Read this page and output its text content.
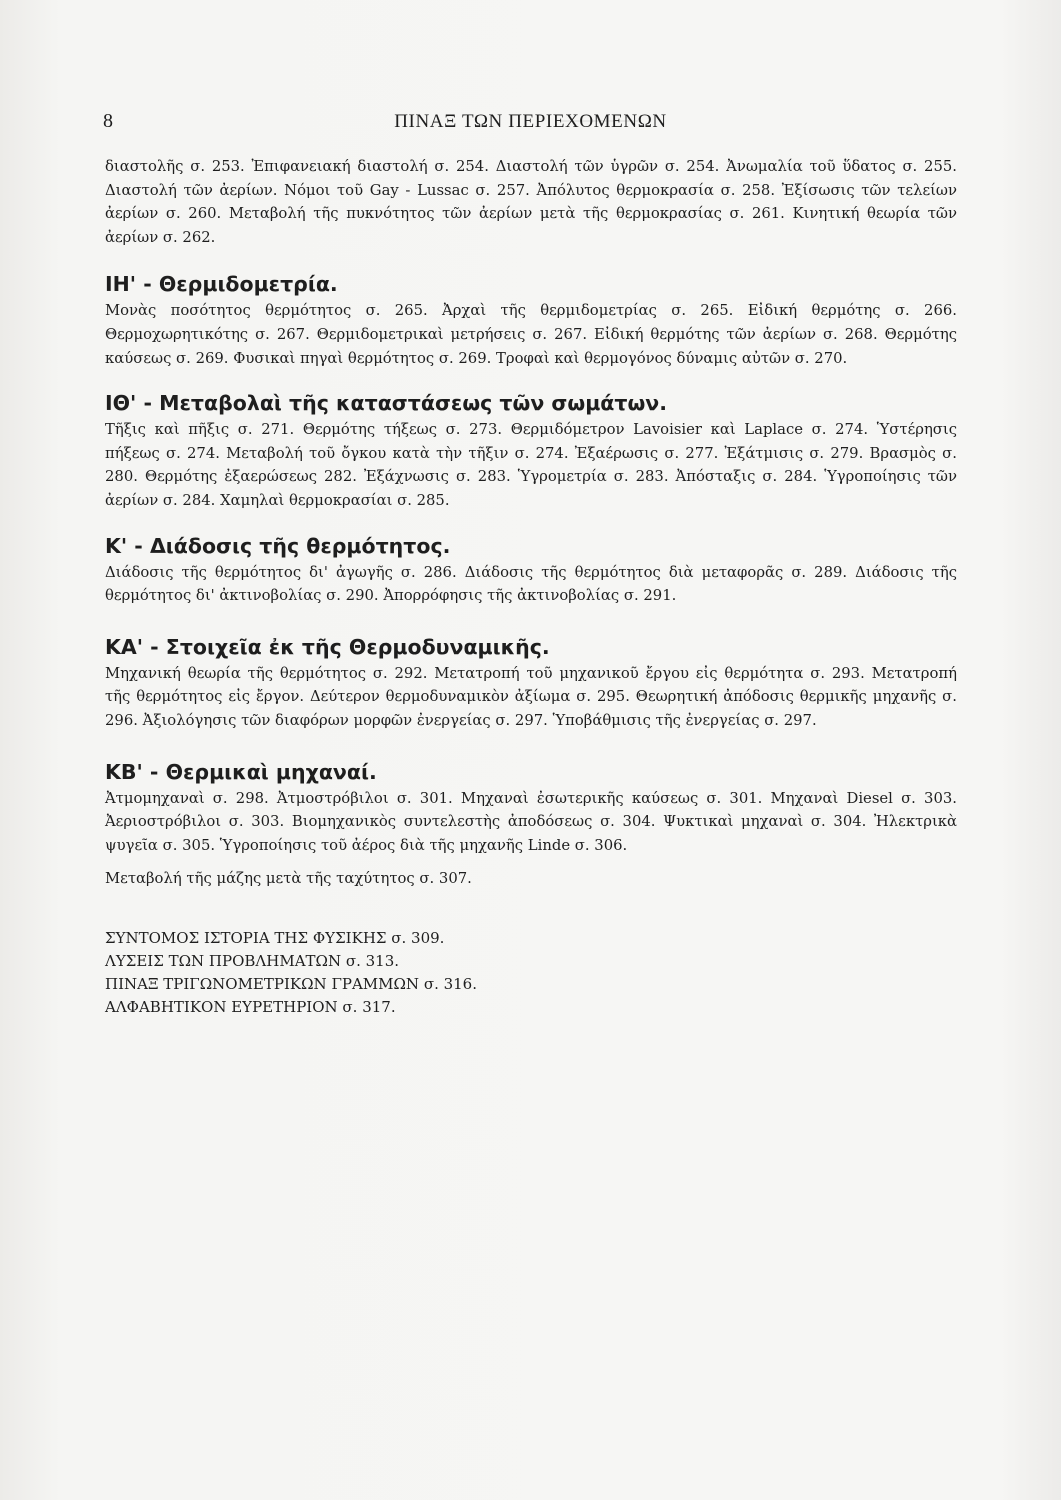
8	ΠΙΝΑΞ ΤΩΝ ΠΕΡΙΕΧΟΜΕΝΩΝ

διαστολῆς σ. 253. Ἐπιφανειακή διαστολή σ. 254. Διαστολή τῶν ὑγρῶν σ. 254. Ἀνωμαλία τοῦ ὕδατος σ. 255. Διαστολή τῶν ἀερίων. Νόμοι τοῦ Gay - Lussac σ. 257. Ἀπόλυτος θερμοκρασία σ. 258. Ἐξίσωσις τῶν τελείων ἀερίων σ. 260. Μεταβολή τῆς πυκνότητος τῶν ἀερίων μετὰ τῆς θερμοκρασίας σ. 261. Κινητική θεωρία τῶν ἀερίων σ. 262.

ΙΗ' - Θερμιδομετρία.

Μονὰς ποσότητος θερμότητος σ. 265. Ἀρχαὶ τῆς θερμιδομετρίας σ. 265. Εἰδική θερμότης σ. 266. Θερμοχωρητικότης σ. 267. Θερμιδομετρικαὶ μετρήσεις σ. 267. Εἰδική θερμότης τῶν ἀερίων σ. 268. Θερμότης καύσεως σ. 269. Φυσικαὶ πηγαὶ θερμότητος σ. 269. Τροφαὶ καὶ θερμογόνος δύναμις αὐτῶν σ. 270.

ΙΘ' - Μεταβολαὶ τῆς καταστάσεως τῶν σωμάτων.

Τῆξις καὶ πῆξις σ. 271. Θερμότης τήξεως σ. 273. Θερμιδόμετρον Lavoisier καὶ Laplace σ. 274. Ὑστέρησις πήξεως σ. 274. Μεταβολή τοῦ ὄγκου κατὰ τὴν τῆξιν σ. 274. Ἐξαέρωσις σ. 277. Ἐξάτμισις σ. 279. Βρασμὸς σ. 280. Θερμότης ἐξαερώσεως 282. Ἐξάχνωσις σ. 283. Ὑγρομετρία σ. 283. Ἀπόσταξις σ. 284. Ὑγροποίησις τῶν ἀερίων σ. 284. Χαμηλαὶ θερμοκρασίαι σ. 285.

Κ' - Διάδοσις τῆς θερμότητος.

Διάδοσις τῆς θερμότητος δι' ἀγωγῆς σ. 286. Διάδοσις τῆς θερμότητος διὰ μεταφορᾶς σ. 289. Διάδοσις τῆς θερμότητος δι' ἀκτινοβολίας σ. 290. Ἀπορρόφησις τῆς ἀκτινοβολίας σ. 291.

ΚΑ' - Στοιχεῖα ἐκ τῆς Θερμοδυναμικῆς.

Μηχανική θεωρία τῆς θερμότητος σ. 292. Μετατροπή τοῦ μηχανικοῦ ἔργου εἰς θερμότητα σ. 293. Μετατροπή τῆς θερμότητος εἰς ἔργον. Δεύτερον θερμοδυναμικὸν ἀξίωμα σ. 295. Θεωρητική ἀπόδοσις θερμικῆς μηχανῆς σ. 296. Ἀξιολόγησις τῶν διαφόρων μορφῶν ἐνεργείας σ. 297. Ὑποβάθμισις τῆς ἐνεργείας σ. 297.

ΚΒ' - Θερμικαὶ μηχαναί.

Ἀτμομηχαναὶ σ. 298. Ἀτμοστρόβιλοι σ. 301. Μηχαναὶ ἐσωτερικῆς καύσεως σ. 301. Μηχαναὶ Diesel σ. 303. Ἀεριοστρόβιλοι σ. 303. Βιομηχανικὸς συντελεστὴς ἀποδόσεως σ. 304. Ψυκτικαὶ μηχαναὶ σ. 304. Ἠλεκτρικὰ ψυγεῖα σ. 305. Ὑγροποίησις τοῦ ἀέρος διὰ τῆς μηχανῆς Linde σ. 306.

Μεταβολή τῆς μάζης μετὰ τῆς ταχύτητος σ. 307.

ΣΥΝΤΟΜΟΣ ΙΣΤΟΡΙΑ ΤΗΣ ΦΥΣΙΚΗΣ σ. 309.

ΛΥΣΕΙΣ ΤΩΝ ΠΡΟΒΛΗΜΑΤΩΝ σ. 313.

ΠΙΝΑΞ ΤΡΙΓΩΝΟΜΕΤΡΙΚΩΝ ΓΡΑΜΜΩΝ σ. 316.

ΑΛΦΑΒΗΤΙΚΟΝ ΕΥΡΕΤΗΡΙΟΝ σ. 317.
